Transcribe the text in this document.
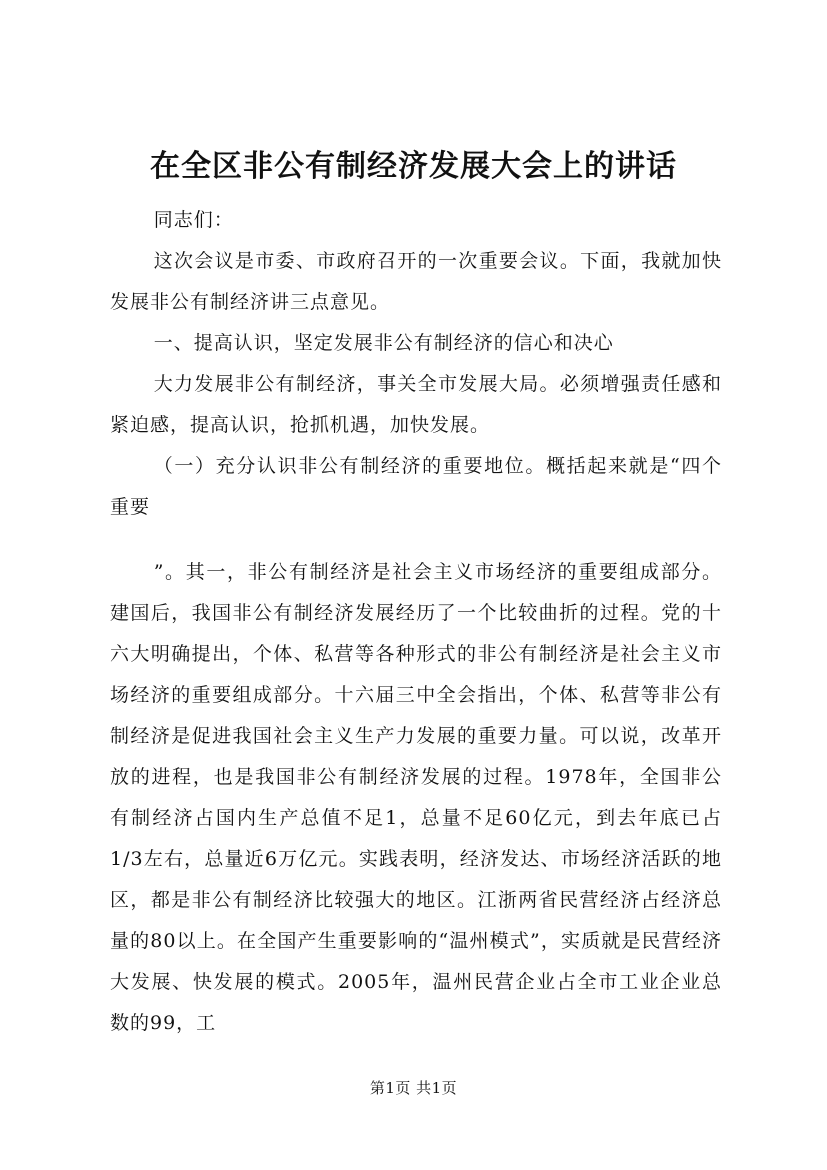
在全区非公有制经济发展大会上的讲话

同志们：

这次会议是市委、市政府召开的一次重要会议。下面，我就加快发展非公有制经济讲三点意见。

一、提高认识，坚定发展非公有制经济的信心和决心

大力发展非公有制经济，事关全市发展大局。必须增强责任感和紧迫感，提高认识，抢抓机遇，加快发展。

（一）充分认识非公有制经济的重要地位。概括起来就是“四个重要

”。其一，非公有制经济是社会主义市场经济的重要组成部分。建国后，我国非公有制经济发展经历了一个比较曲折的过程。党的十六大明确提出，个体、私营等各种形式的非公有制经济是社会主义市场经济的重要组成部分。十六届三中全会指出，个体、私营等非公有制经济是促进我国社会主义生产力发展的重要力量。可以说，改革开放的进程，也是我国非公有制经济发展的过程。1978年，全国非公有制经济占国内生产总值不足1，总量不足60亿元，到去年底已占1/3左右，总量近6万亿元。实践表明，经济发达、市场经济活跃的地区，都是非公有制经济比较强大的地区。江浙两省民营经济占经济总量的80以上。在全国产生重要影响的“温州模式”，实质就是民营经济大发展、快发展的模式。2005年，温州民营企业占全市工业企业总数的99，工

第1页 共1页
